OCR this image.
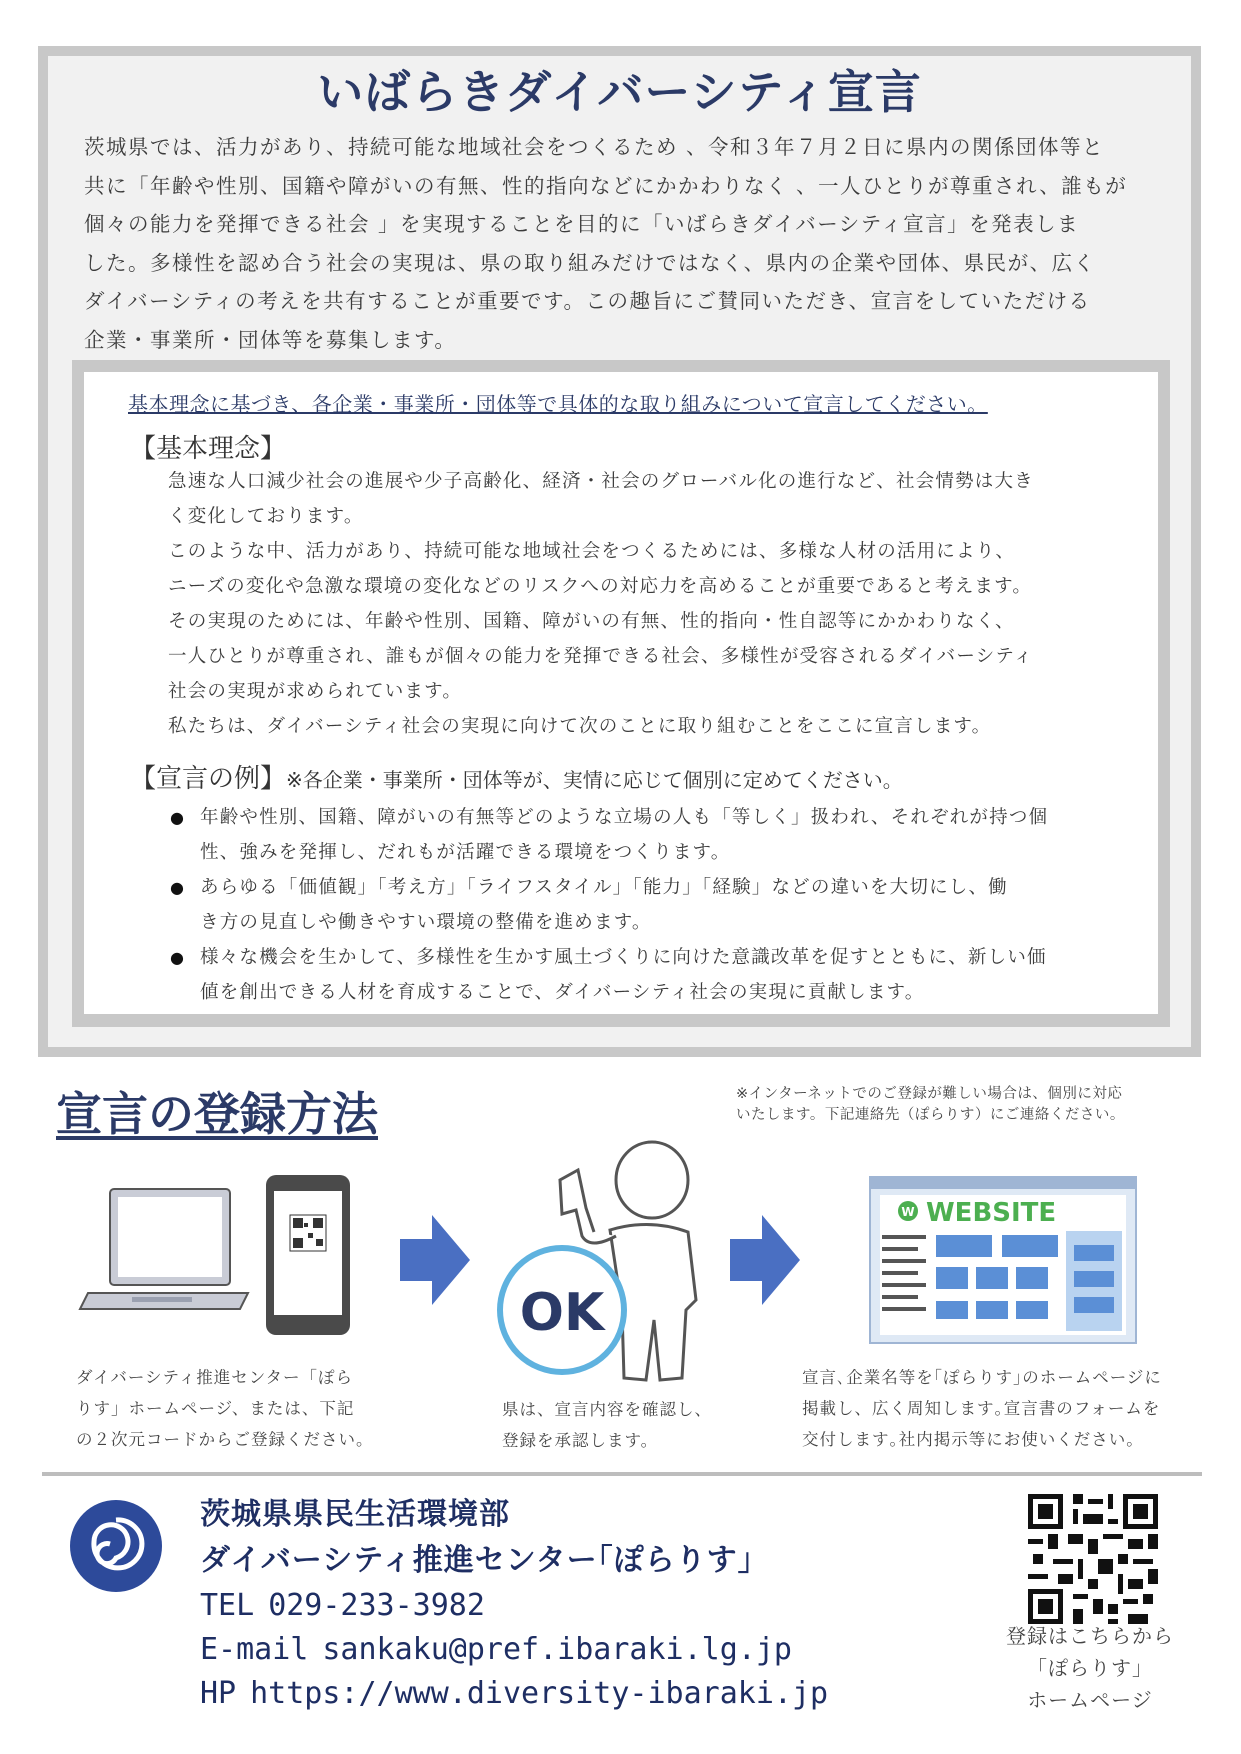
いばらきダイバーシティ宣言

茨城県では、活力があり、持続可能な地域社会をつくるため 、令和３年７月２日に県内の関係団体等と

共に「年齢や性別、国籍や障がいの有無、性的指向などにかかわりなく 、一人ひとりが尊重され、誰もが

個々の能力を発揮できる社会 」を実現することを目的に「いばらきダイバーシティ宣言」を発表しま

した。多様性を認め合う社会の実現は、県の取り組みだけではなく、県内の企業や団体、県民が、広く

ダイバーシティの考えを共有することが重要です。この趣旨にご賛同いただき、宣言をしていただける

企業・事業所・団体等を募集します。

基本理念に基づき、各企業・事業所・団体等で具体的な取り組みについて宣言してください。
【基本理念】

急速な人口減少社会の進展や少子高齢化、経済・社会のグローバル化の進行など、社会情勢は大き

く変化しております。

このような中、活力があり、持続可能な地域社会をつくるためには、多様な人材の活用により、

ニーズの変化や急激な環境の変化などのリスクへの対応力を高めることが重要であると考えます。

その実現のためには、年齢や性別、国籍、障がいの有無、性的指向・性自認等にかかわりなく、

一人ひとりが尊重され、誰もが個々の能力を発揮できる社会、多様性が受容されるダイバーシティ

社会の実現が求められています。

私たちは、ダイバーシティ社会の実現に向けて次のことに取り組むことをここに宣言します。

【宣言の例】※各企業・事業所・団体等が、実情に応じて個別に定めてください。
● 年齢や性別、国籍、障がいの有無等どのような立場の人も「等しく」扱われ、それぞれが持つ個
性、強みを発揮し、だれもが活躍できる環境をつくります。
● あらゆる「価値観」「考え方」「ライフスタイル」「能力」「経験」などの違いを大切にし、働
き方の見直しや働きやすい環境の整備を進めます。
● 様々な機会を生かして、多様性を生かす風土づくりに向けた意識改革を促すとともに、新しい価
値を創出できる人材を育成することで、ダイバーシティ社会の実現に貢献します。
宣言の登録方法	※インターネットでのご登録が難しい場合は、個別に対応

いたします。下記連絡先（ぽらりす）にご連絡ください。

OK
W WEBSITE

ダイバーシティ推進センター「ぽら

りす」ホームページ、または、下記

の２次元コードからご登録ください。

県は、宣言内容を確認し、

登録を承認します。

宣言､企業名等を｢ぽらりす｣のホームページに

掲載し、広く周知します｡宣言書のフォームを

交付します｡社内掲示等にお使いください。

茨城県県民生活環境部
ダイバーシティ推進センター｢ぽらりす｣
TEL 029-233-3982
E-mail sankaku@pref.ibaraki.lg.jp
HP https://www.diversity-ibaraki.jp

登録はこちらから

「ぽらりす」

ホームページ
